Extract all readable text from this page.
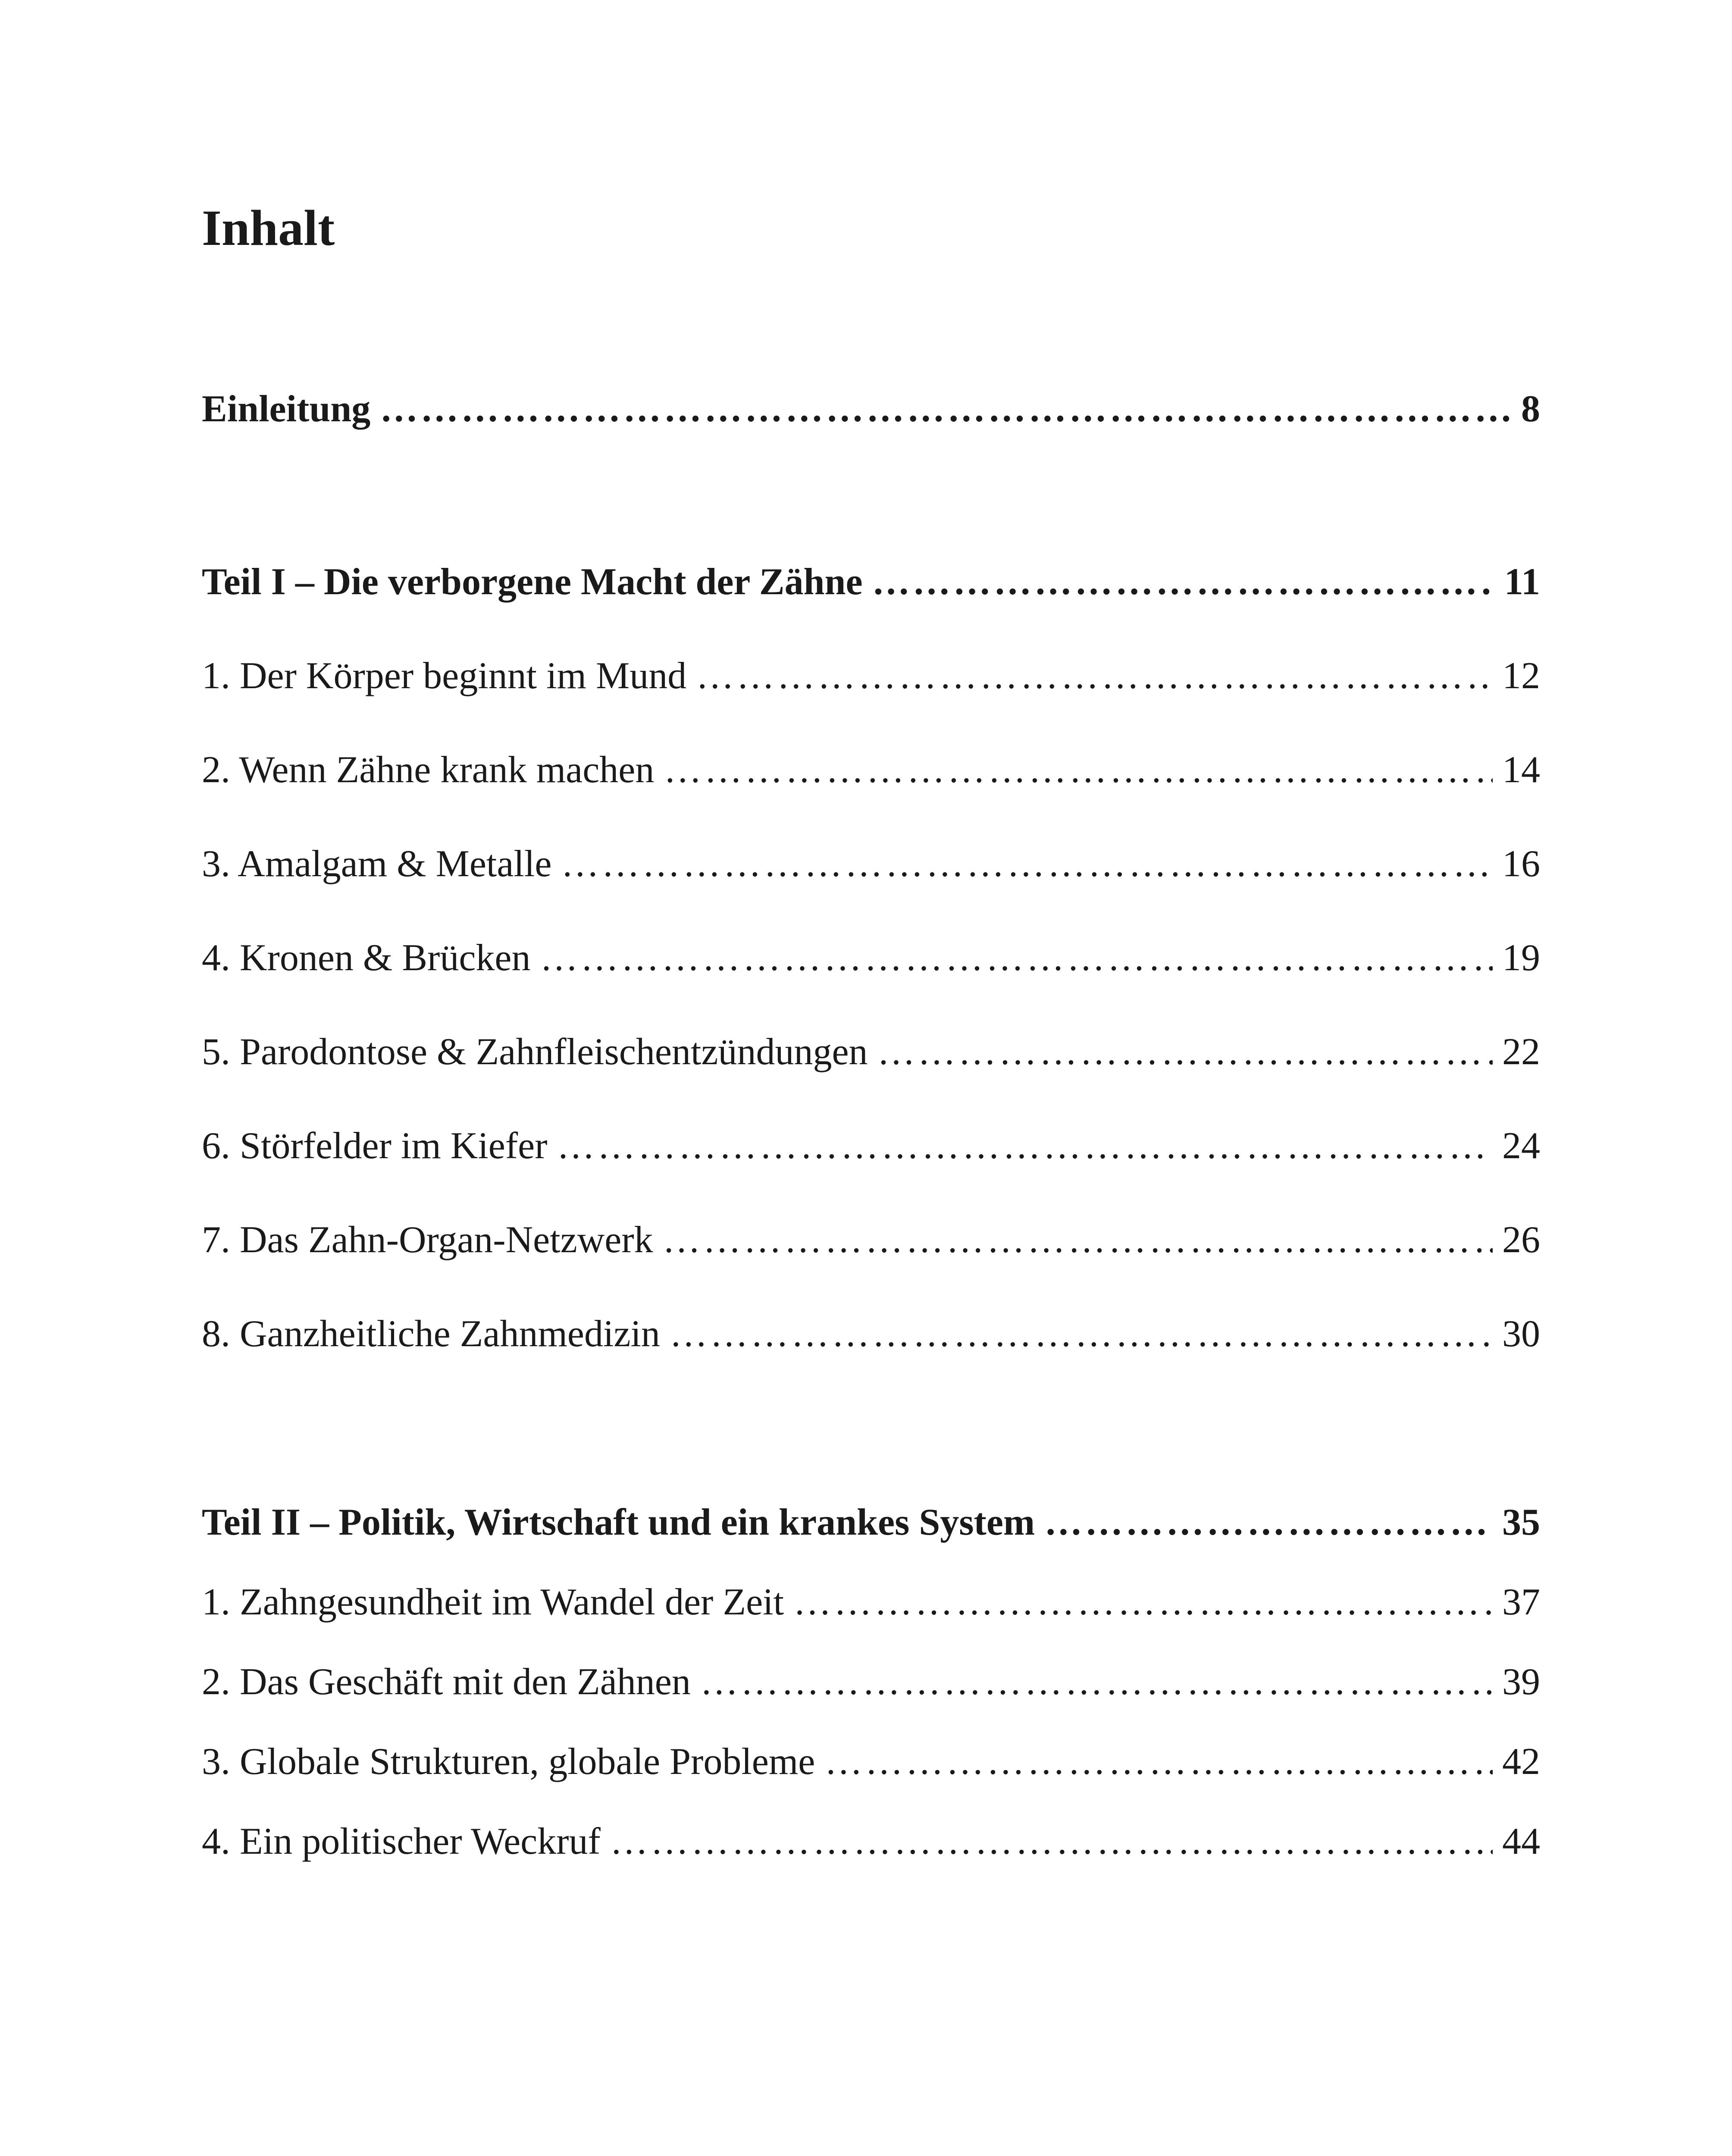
Inhalt
Einleitung ……………………………………………………………………………………………………………………………………………………………………………………………………………………………………………………………	8
Teil I – Die verborgene Macht der Zähne ……………………………………………………………………………………………………………………………………………………………………………………………………………………………………………………………	11
1. Der Körper beginnt im Mund ……………………………………………………………………………………………………………………………………………………………………………………………………………………………………………………………	12
2. Wenn Zähne krank machen ……………………………………………………………………………………………………………………………………………………………………………………………………………………………………………………………	14
3. Amalgam & Metalle ……………………………………………………………………………………………………………………………………………………………………………………………………………………………………………………………	16
4. Kronen & Brücken ……………………………………………………………………………………………………………………………………………………………………………………………………………………………………………………………	19
5. Parodontose & Zahnfleischentzündungen ……………………………………………………………………………………………………………………………………………………………………………………………………………………………………………………………	22
6. Störfelder im Kiefer ……………………………………………………………………………………………………………………………………………………………………………………………………………………………………………………………	24
7. Das Zahn-Organ-Netzwerk ……………………………………………………………………………………………………………………………………………………………………………………………………………………………………………………………	26
8. Ganzheitliche Zahnmedizin ……………………………………………………………………………………………………………………………………………………………………………………………………………………………………………………………	30
Teil II – Politik, Wirtschaft und ein krankes System ……………………………………………………………………………………………………………………………………………………………………………………………………………………………………………………………	35
1. Zahngesundheit im Wandel der Zeit ……………………………………………………………………………………………………………………………………………………………………………………………………………………………………………………………	37
2. Das Geschäft mit den Zähnen ……………………………………………………………………………………………………………………………………………………………………………………………………………………………………………………………	39
3. Globale Strukturen, globale Probleme ……………………………………………………………………………………………………………………………………………………………………………………………………………………………………………………………	42
4. Ein politischer Weckruf ……………………………………………………………………………………………………………………………………………………………………………………………………………………………………………………………	44
